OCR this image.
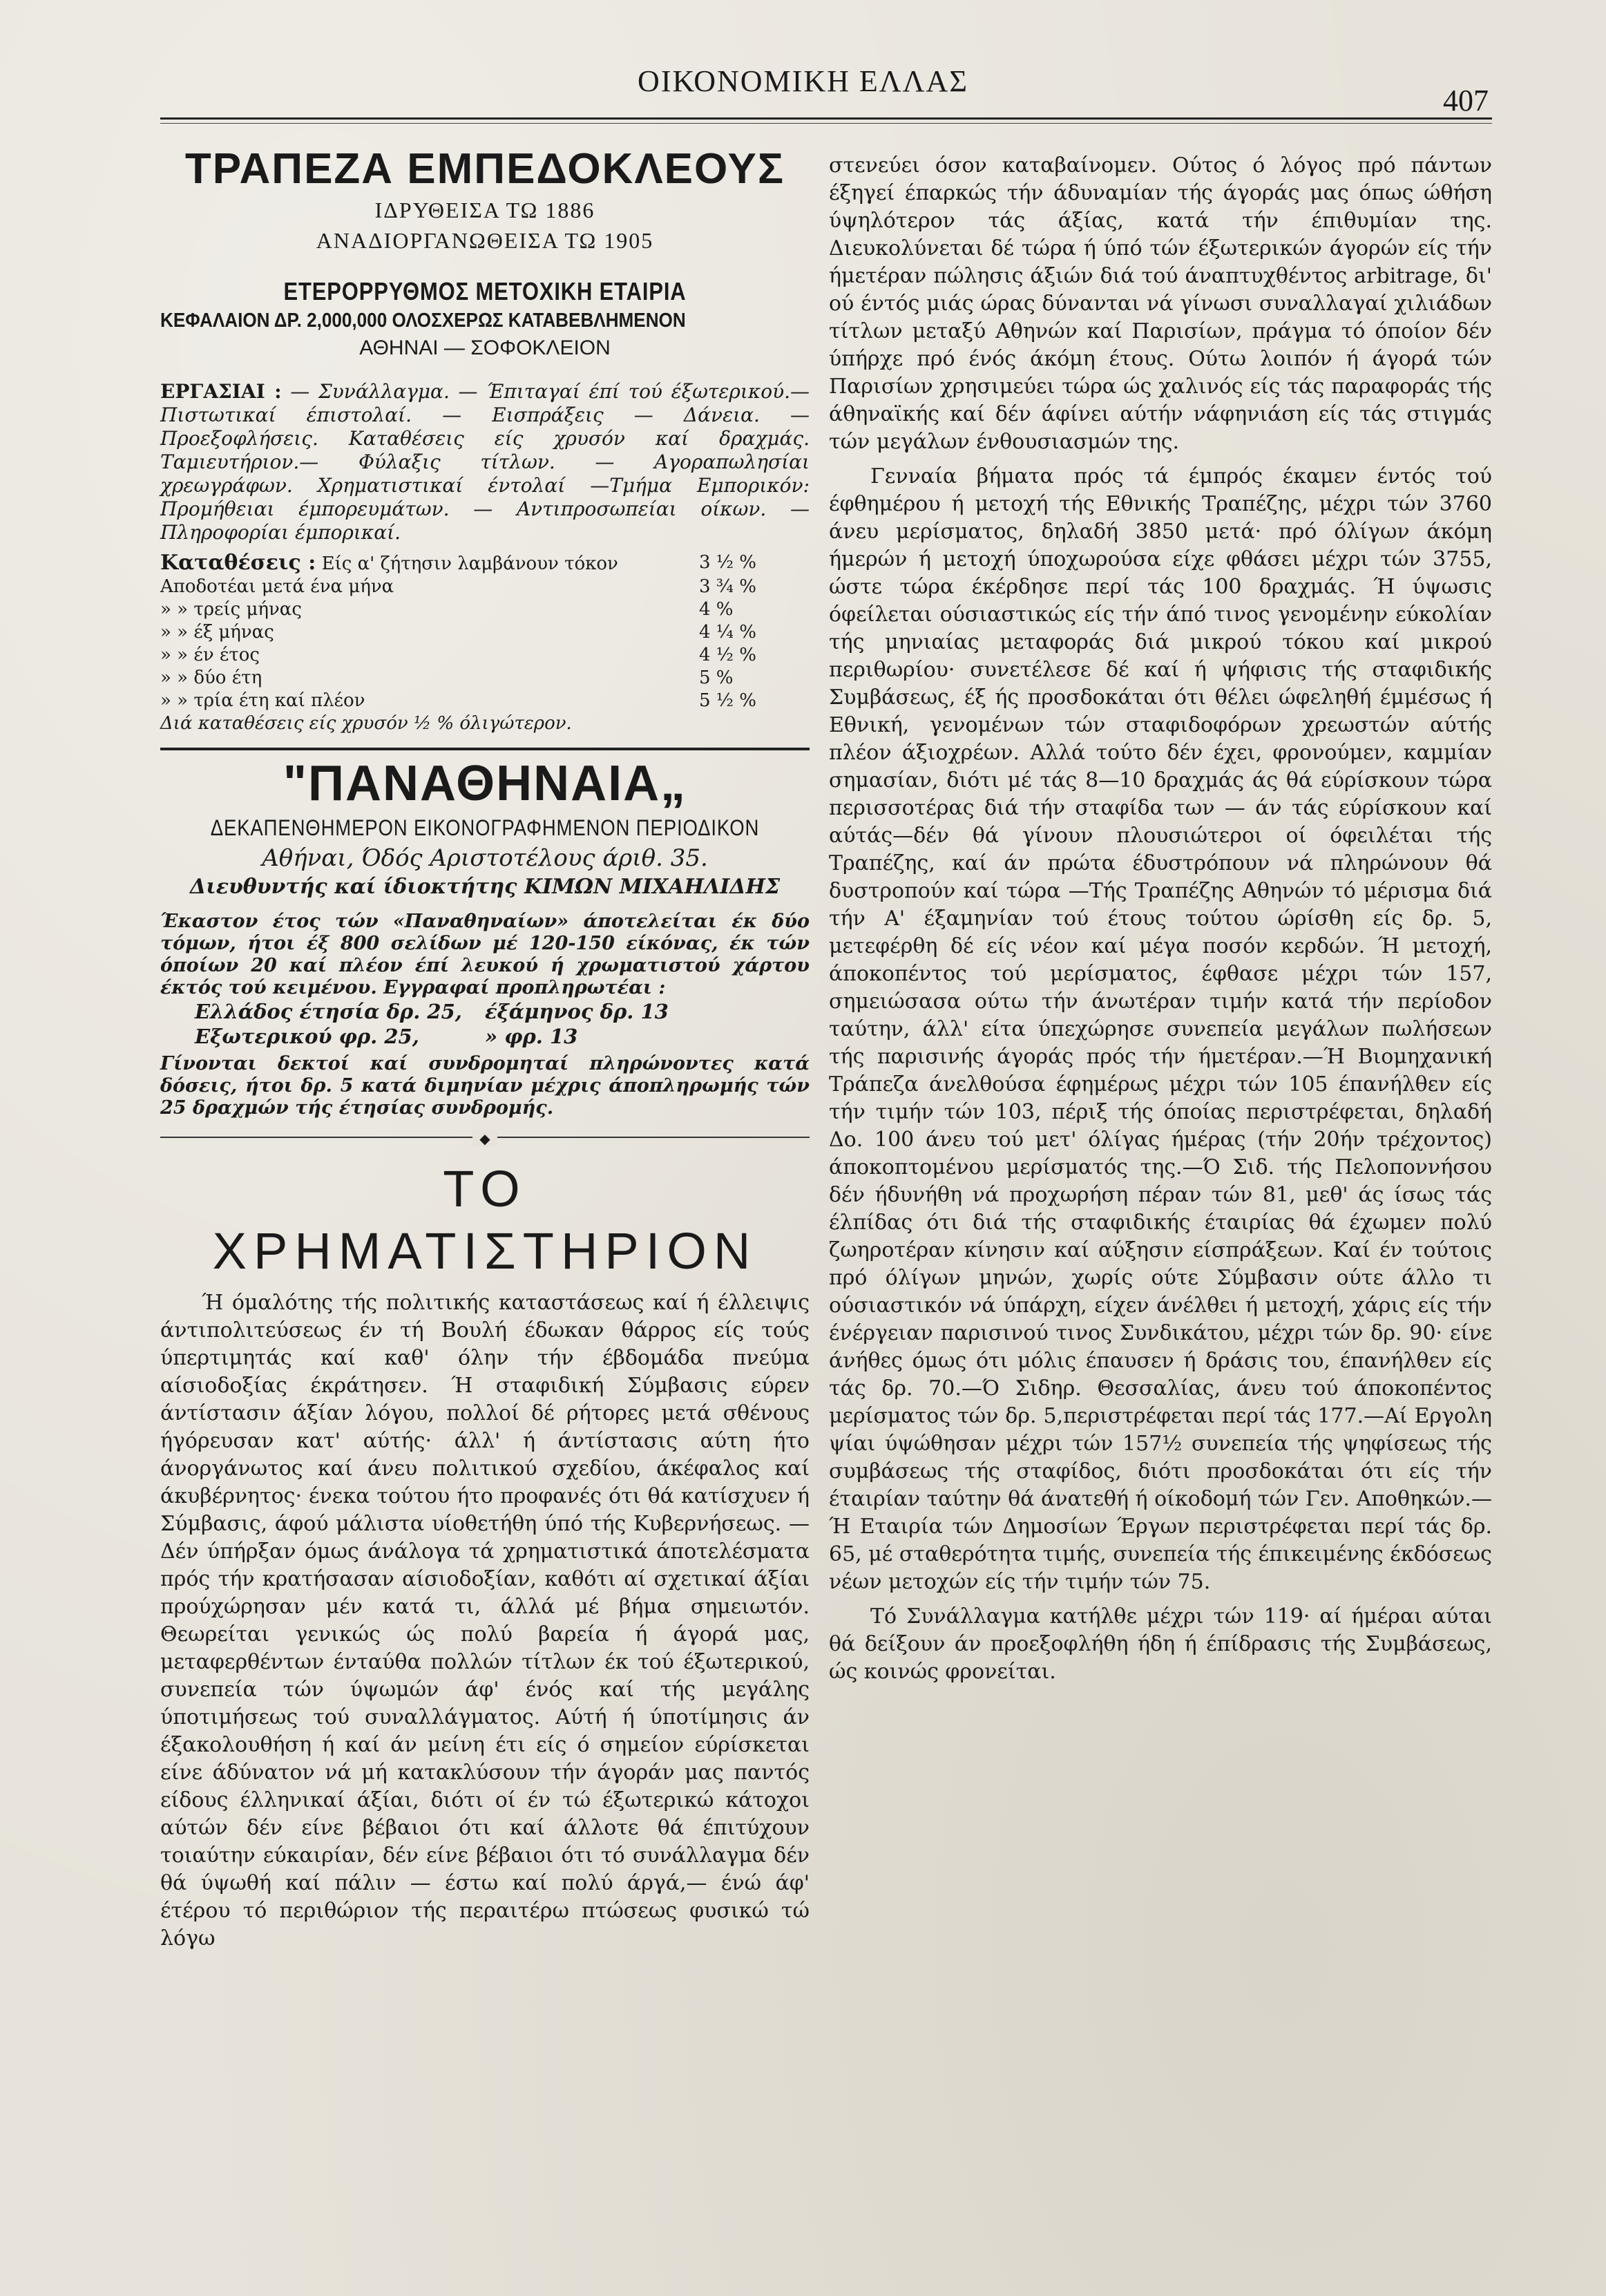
ΟΙΚΟΝΟΜΙΚΗ ΕΛΛΑΣ
407
ΤΡΑΠΕΖΑ ΕΜΠΕΔΟΚΛΕΟΥΣ
ΙΔΡΥΘΕΙΣΑ ΤΩ 1886
ΑΝΑΔΙΟΡΓΑΝΩΘΕΙΣΑ ΤΩ 1905
ΕΤΕΡΟΡΡΥΘΜΟΣ ΜΕΤΟΧΙΚΗ ΕΤΑΙΡΙΑ
ΚΕΦΑΛΑΙΟΝ ΔΡ. 2,000,000 ΟΛΟΣΧΕΡΩΣ ΚΑΤΑΒΕΒΛΗΜΕΝΟΝ
ΑΘΗΝΑΙ — ΣΟΦΟΚΛΕΙΟΝ
ΕΡΓΑΣΙΑΙ : — Συνάλλαγμα. — Έπιταγαί έπί τού έξωτερικού.— Πιστωτικαί έπιστολαί. — Εισπράξεις — Δάνεια. — Προεξοφλήσεις. Καταθέσεις είς χρυσόν καί δραχμάς. Ταμιευτήριον.— Φύλαξις τίτλων. — Αγοραπωλησίαι χρεωγράφων. Χρηματιστικαί έντολαί —Τμήμα Εμπορικόν: Προμήθειαι έμπορευμάτων. — Αντιπροσωπείαι οίκων. — Πληροφορίαι έμπορικαί.
Καταθέσεις : Είς α' ζήτησιν λαμβάνουν τόκον	3 ½ %
Αποδοτέαι μετά ένα μήνα	3 ¾ %
» » τρείς μήνας	4 %
» » έξ μήνας	4 ¼ %
» » έν έτος	4 ½ %
» » δύο έτη	5 %
» » τρία έτη καί πλέον	5 ½ %
Διά καταθέσεις είς χρυσόν ½ % όλιγώτερον.
"ΠΑΝΑΘΗΝΑΙΑ„
ΔΕΚΑΠΕΝΘΗΜΕΡΟΝ ΕΙΚΟΝΟΓΡΑΦΗΜΕΝΟΝ ΠΕΡΙΟΔΙΚΟΝ
Αθήναι, Όδός Αριστοτέλους άριθ. 35.
Διευθυντής καί ίδιοκτήτης ΚΙΜΩΝ ΜΙΧΑΗΛΙΔΗΣ
Έκαστον έτος τών «Παναθηναίων» άποτελείται έκ δύο τόμων, ήτοι έξ 800 σελίδων μέ 120-150 είκόνας, έκ τών όποίων 20 καί πλέον έπί λευκού ή χρωματιστού χάρτου έκτός τού κειμένου. Εγγραφαί προπληρωτέαι :
Ελλάδος έτησία δρ. 25,	έξάμηνος δρ. 13
Εξωτερικού φρ. 25,	» φρ. 13
Γίνονται δεκτοί καί συνδρομηταί πληρώνοντες κατά δόσεις, ήτοι δρ. 5 κατά διμηνίαν μέχρις άποπληρωμής τών 25 δραχμών τής έτησίας συνδρομής.
◆
ΤΟ ΧΡΗΜΑΤΙΣΤΗΡΙΟΝ
Ή όμαλότης τής πολιτικής καταστάσεως καί ή έλλειψις άντιπολιτεύσεως έν τή Βουλή έδωκαν θάρρος είς τούς ύπερτιμητάς καί καθ' όλην τήν έβδομάδα πνεύμα αίσιοδοξίας έκράτησεν. Ή σταφιδική Σύμβασις εύρεν άντίστασιν άξίαν λόγου, πολλοί δέ ρήτορες μετά σθένους ήγόρευσαν κατ' αύτής· άλλ' ή άντίστασις αύτη ήτο άνοργάνωτος καί άνευ πολιτικού σχεδίου, άκέφαλος καί άκυβέρνητος· ένεκα τούτου ήτο προφανές ότι θά κατίσχυεν ή Σύμβασις, άφού μάλιστα υίοθετήθη ύπό τής Κυβερνήσεως. — Δέν ύπήρξαν όμως άνάλογα τά χρηματιστικά άποτελέσματα πρός τήν κρατήσασαν αίσιοδοξίαν, καθότι αί σχετικαί άξίαι προύχώρησαν μέν κατά τι, άλλά μέ βήμα σημειωτόν. Θεωρείται γενικώς ώς πολύ βαρεία ή άγορά μας, μεταφερθέντων ένταύθα πολλών τίτλων έκ τού έξωτερικού, συνεπεία τών ύψωμών άφ' ένός καί τής μεγάλης ύποτιμήσεως τού συναλλάγματος. Αύτή ή ύποτίμησις άν έξακολουθήση ή καί άν μείνη έτι είς ό σημείον εύρίσκεται είνε άδύνατον νά μή κατακλύσουν τήν άγοράν μας παντός είδους έλληνικαί άξίαι, διότι οί έν τώ έξωτερικώ κάτοχοι αύτών δέν είνε βέβαιοι ότι καί άλλοτε θά έπιτύχουν τοιαύτην εύκαιρίαν, δέν είνε βέβαιοι ότι τό συνάλλαγμα δέν θά ύψωθή καί πάλιν — έστω καί πολύ άργά,— ένώ άφ' έτέρου τό περιθώριον τής περαιτέρω πτώσεως φυσικώ τώ λόγω
στενεύει όσον καταβαίνομεν. Ούτος ό λόγος πρό πάντων έξηγεί έπαρκώς τήν άδυναμίαν τής άγοράς μας όπως ώθήση ύψηλότερον τάς άξίας, κατά τήν έπιθυμίαν της. Διευκολύνεται δέ τώρα ή ύπό τών έξωτερικών άγορών είς τήν ήμετέραν πώλησις άξιών διά τού άναπτυχθέντος arbitrage, δι' ού έντός μιάς ώρας δύνανται νά γίνωσι συναλλαγαί χιλιάδων τίτλων μεταξύ Αθηνών καί Παρισίων, πράγμα τό όποίον δέν ύπήρχε πρό ένός άκόμη έτους. Ούτω λοιπόν ή άγορά τών Παρισίων χρησιμεύει τώρα ώς χαλινός είς τάς παραφοράς τής άθηναϊκής καί δέν άφίνει αύτήν νάφηνιάση είς τάς στιγμάς τών μεγάλων ένθουσιασμών της.
Γενναία βήματα πρός τά έμπρός έκαμεν έντός τού έφθημέρου ή μετοχή τής Εθνικής Τραπέζης, μέχρι τών 3760 άνευ μερίσματος, δηλαδή 3850 μετά· πρό όλίγων άκόμη ήμερών ή μετοχή ύποχωρούσα είχε φθάσει μέχρι τών 3755, ώστε τώρα έκέρδησε περί τάς 100 δραχμάς. Ή ύψωσις όφείλεται ούσιαστικώς είς τήν άπό τινος γενομένην εύκολίαν τής μηνιαίας μεταφοράς διά μικρού τόκου καί μικρού περιθωρίου· συνετέλεσε δέ καί ή ψήφισις τής σταφιδικής Συμβάσεως, έξ ής προσδοκάται ότι θέλει ώφεληθή έμμέσως ή Εθνική, γενομένων τών σταφιδοφόρων χρεωστών αύτής πλέον άξιοχρέων. Αλλά τούτο δέν έχει, φρονούμεν, καμμίαν σημασίαν, διότι μέ τάς 8—10 δραχμάς άς θά εύρίσκουν τώρα περισσοτέρας διά τήν σταφίδα των — άν τάς εύρίσκουν καί αύτάς—δέν θά γίνουν πλουσιώτεροι οί όφειλέται τής Τραπέζης, καί άν πρώτα έδυστρόπουν νά πληρώνουν θά δυστροπούν καί τώρα —Τής Τραπέζης Αθηνών τό μέρισμα διά τήν Α' έξαμηνίαν τού έτους τούτου ώρίσθη είς δρ. 5, μετεφέρθη δέ είς νέον καί μέγα ποσόν κερδών. Ή μετοχή, άποκοπέντος τού μερίσματος, έφθασε μέχρι τών 157, σημειώσασα ούτω τήν άνωτέραν τιμήν κατά τήν περίοδον ταύτην, άλλ' είτα ύπεχώρησε συνεπεία μεγάλων πωλήσεων τής παρισινής άγοράς πρός τήν ήμετέραν.—Ή Βιομηχανική Τράπεζα άνελθούσα έφημέρως μέχρι τών 105 έπανήλθεν είς τήν τιμήν τών 103, πέριξ τής όποίας περιστρέφεται, δηλαδή Δο. 100 άνευ τού μετ' όλίγας ήμέρας (τήν 20ήν τρέχοντος) άποκοπτομένου μερίσματός της.—Ό Σιδ. τής Πελοποννήσου δέν ήδυνήθη νά προχωρήση πέραν τών 81, μεθ' άς ίσως τάς έλπίδας ότι διά τής σταφιδικής έταιρίας θά έχωμεν πολύ ζωηροτέραν κίνησιν καί αύξησιν είσπράξεων. Καί έν τούτοις πρό όλίγων μηνών, χωρίς ούτε Σύμβασιν ούτε άλλο τι ούσιαστικόν νά ύπάρχη, είχεν άνέλθει ή μετοχή, χάρις είς τήν ένέργειαν παρισινού τινος Συνδικάτου, μέχρι τών δρ. 90· είνε άνήθες όμως ότι μόλις έπαυσεν ή δράσις του, έπανήλθεν είς τάς δρ. 70.—Ό Σιδηρ. Θεσσαλίας, άνευ τού άποκοπέντος μερίσματος τών δρ. 5,περιστρέφεται περί τάς 177.—Αί Εργολη ψίαι ύψώθησαν μέχρι τών 157½ συνεπεία τής ψηφίσεως τής συμβάσεως τής σταφίδος, διότι προσδοκάται ότι είς τήν έταιρίαν ταύτην θά άνατεθή ή οίκοδομή τών Γεν. Αποθηκών.— Ή Εταιρία τών Δημοσίων Έργων περιστρέφεται περί τάς δρ. 65, μέ σταθερότητα τιμής, συνεπεία τής έπικειμένης έκδόσεως νέων μετοχών είς τήν τιμήν τών 75.
Τό Συνάλλαγμα κατήλθε μέχρι τών 119· αί ήμέραι αύται θά δείξουν άν προεξοφλήθη ήδη ή έπίδρασις τής Συμβάσεως, ώς κοινώς φρονείται.
